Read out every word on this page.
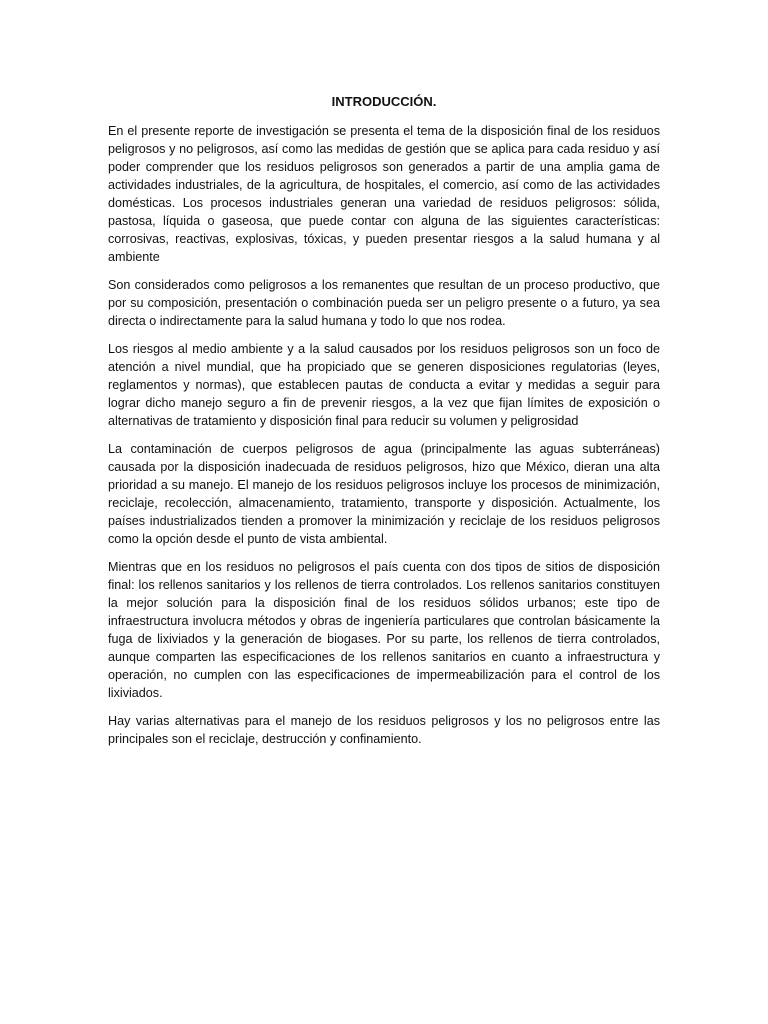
INTRODUCCIÓN.

En el presente reporte de investigación se presenta el tema de la disposición final de los residuos peligrosos y no peligrosos, así como las medidas de gestión que se aplica para cada residuo y así poder comprender que los residuos peligrosos son generados a partir de una amplia gama de actividades industriales, de la agricultura, de hospitales, el comercio, así como de las actividades domésticas. Los procesos industriales generan una variedad de residuos peligrosos: sólida, pastosa, líquida o gaseosa, que puede contar con alguna de las siguientes características: corrosivas, reactivas, explosivas, tóxicas, y pueden presentar riesgos a la salud humana y al ambiente

Son considerados como peligrosos a los remanentes que resultan de un proceso productivo, que por su composición, presentación o combinación pueda ser un peligro presente o a futuro, ya sea directa o indirectamente para la salud humana y todo lo que nos rodea.

Los riesgos al medio ambiente y a la salud causados por los residuos peligrosos son un foco de atención a nivel mundial, que ha propiciado que se generen disposiciones regulatorias (leyes, reglamentos y normas), que establecen pautas de conducta a evitar y medidas a seguir para lograr dicho manejo seguro a fin de prevenir riesgos, a la vez que fijan límites de exposición o alternativas de tratamiento y disposición final para reducir su volumen y peligrosidad

La contaminación de cuerpos peligrosos de agua (principalmente las aguas subterráneas) causada por la disposición inadecuada de residuos peligrosos, hizo que México, dieran una alta prioridad a su manejo. El manejo de los residuos peligrosos incluye los procesos de minimización, reciclaje, recolección, almacenamiento, tratamiento, transporte y disposición. Actualmente, los países industrializados tienden a promover la minimización y reciclaje de los residuos peligrosos como la opción desde el punto de vista ambiental.

Mientras que en los residuos no peligrosos el país cuenta con dos tipos de sitios de disposición final: los rellenos sanitarios y los rellenos de tierra controlados. Los rellenos sanitarios constituyen la mejor solución para la disposición final de los residuos sólidos urbanos; este tipo de infraestructura involucra métodos y obras de ingeniería particulares que controlan básicamente la fuga de lixiviados y la generación de biogases. Por su parte, los rellenos de tierra controlados, aunque comparten las especificaciones de los rellenos sanitarios en cuanto a infraestructura y operación, no cumplen con las especificaciones de impermeabilización para el control de los lixiviados.

Hay varias alternativas para el manejo de los residuos peligrosos y los no peligrosos entre las principales son el reciclaje, destrucción y confinamiento.
